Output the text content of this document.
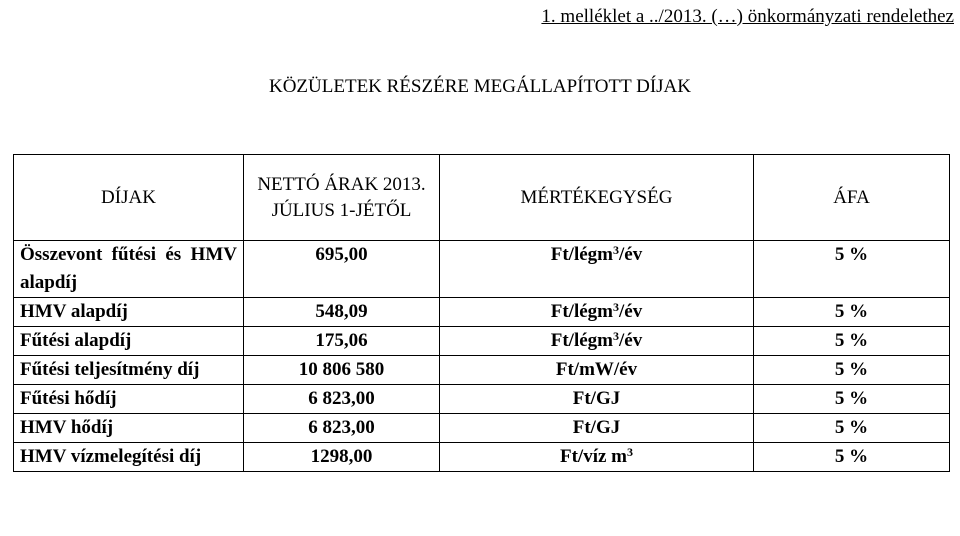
1. melléklet a ../2013. (…) önkormányzati rendelethez
KÖZÜLETEK RÉSZÉRE MEGÁLLAPÍTOTT DÍJAK
DÍJAK	NETTÓ ÁRAK 2013. JÚLIUS 1-JÉTŐL	MÉRTÉKEGYSÉG	ÁFA
Összevont fűtési és HMV alapdíj	695,00	Ft/légm$^3$/év	5 %
HMV alapdíj	548,09	Ft/légm$^3$/év	5 %
Fűtési alapdíj	175,06	Ft/légm$^3$/év	5 %
Fűtési teljesítmény díj	10 806 580	Ft/mW/év	5 %
Fűtési hődíj	6 823,00	Ft/GJ	5 %
HMV hődíj	6 823,00	Ft/GJ	5 %
HMV vízmelegítési díj	1298,00	Ft/víz $m^3$	5 %
